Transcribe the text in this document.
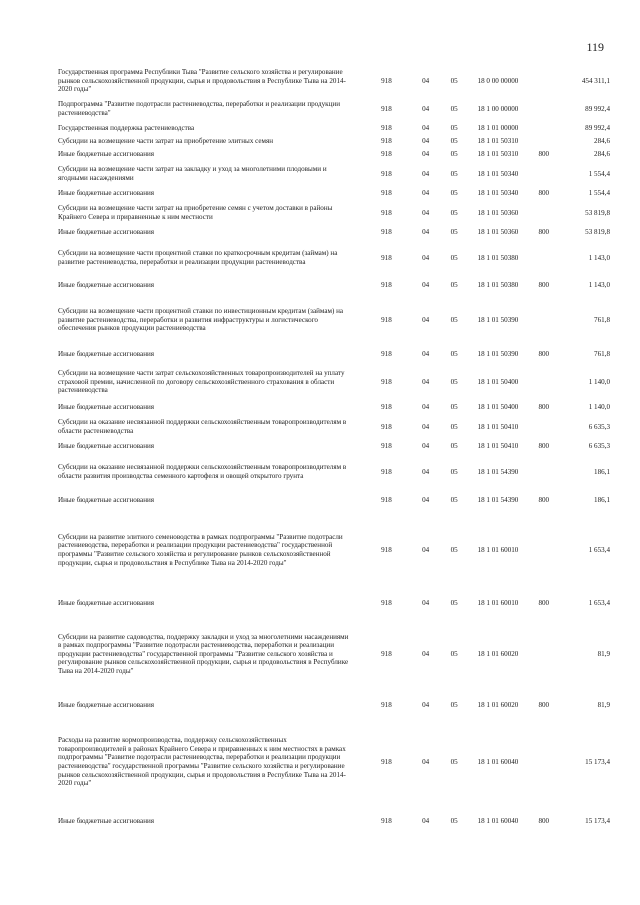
119
Государственная программа Республики Тыва "Развитие сельского хозяйства и регулирование рынков сельскохозяйственной продукции, сырья и продовольствия в Республике Тыва на 2014-2020 годы"	918	04	05	18 0 00 00000		454 311,1
Подпрограмма "Развитие подотрасли растениеводства, переработки и реализации продукции растениеводства"	918	04	05	18 1 00 00000		89 992,4
Государственная поддержка растениеводства	918	04	05	18 1 01 00000		89 992,4
Субсидии на возмещение части затрат на приобретение элитных семян	918	04	05	18 1 01 50310		284,6
Иные бюджетные ассигнования	918	04	05	18 1 01 50310	800	284,6
Субсидии на возмещение части затрат на закладку и уход за многолетними плодовыми и ягодными насаждениями	918	04	05	18 1 01 50340		1 554,4
Иные бюджетные ассигнования	918	04	05	18 1 01 50340	800	1 554,4
Субсидии на возмещение части затрат на приобретение семян с учетом доставки в районы Крайнего Севера и приравненные к ним местности	918	04	05	18 1 01 50360		53 819,8
Иные бюджетные ассигнования	918	04	05	18 1 01 50360	800	53 819,8
Субсидии на возмещение части процентной ставки по краткосрочным кредитам (займам) на развитие растениеводства, переработки и реализации продукции растениеводства	918	04	05	18 1 01 50380		1 143,0
Иные бюджетные ассигнования	918	04	05	18 1 01 50380	800	1 143,0
Субсидии на возмещение части процентной ставки по инвестиционным кредитам (займам) на развитие растениеводства, переработки и развития инфраструктуры и логистического обеспечения рынков продукции растениеводства	918	04	05	18 1 01 50390		761,8
Иные бюджетные ассигнования	918	04	05	18 1 01 50390	800	761,8
Субсидии на возмещение части затрат сельскохозяйственных товаропроизводителей на уплату страховой премии, начисленной по договору сельскохозяйственного страхования в области растениеводства	918	04	05	18 1 01 50400		1 140,0
Иные бюджетные ассигнования	918	04	05	18 1 01 50400	800	1 140,0
Субсидии на оказание несвязанной поддержки сельскохозяйственным товаропроизводителям в области растениеводства	918	04	05	18 1 01 50410		6 635,3
Иные бюджетные ассигнования	918	04	05	18 1 01 50410	800	6 635,3
Субсидии на оказание несвязанной поддержки сельскохозяйственным товаропроизводителям в области развития производства семенного картофеля и овощей открытого грунта	918	04	05	18 1 01 54390		186,1
Иные бюджетные ассигнования	918	04	05	18 1 01 54390	800	186,1
Субсидии на развитие элитного семеноводства в рамках подпрограммы "Развитие подотрасли растениеводства, переработки и реализации продукции растениеводства" государственной программы "Развитие сельского хозяйства и регулирование рынков сельскохозяйственной продукции, сырья и продовольствия в Республике Тыва на 2014-2020 годы"	918	04	05	18 1 01 60010		1 653,4
Иные бюджетные ассигнования	918	04	05	18 1 01 60010	800	1 653,4
Субсидии на развитие садоводства, поддержку закладки и уход за многолетними насаждениями в рамках подпрограммы "Развитие подотрасли растениеводства, переработки и реализации продукции растениеводства" государственной программы "Развитие сельского хозяйства и регулирование рынков сельскохозяйственной продукции, сырья и продовольствия в Республике Тыва на 2014-2020 годы"	918	04	05	18 1 01 60020		81,9
Иные бюджетные ассигнования	918	04	05	18 1 01 60020	800	81,9
Расходы на развитие кормопроизводства, поддержку сельскохозяйственных товаропроизводителей в районах Крайнего Севера и приравненных к ним местностях в рамках подпрограммы "Развитие подотрасли растениеводства, переработки и реализации продукции растениеводства" государственной программы "Развитие сельского хозяйства и регулирование рынков сельскохозяйственной продукции, сырья и продовольствия в Республике Тыва на 2014-2020 годы"	918	04	05	18 1 01 60040		15 173,4
Иные бюджетные ассигнования	918	04	05	18 1 01 60040	800	15 173,4
